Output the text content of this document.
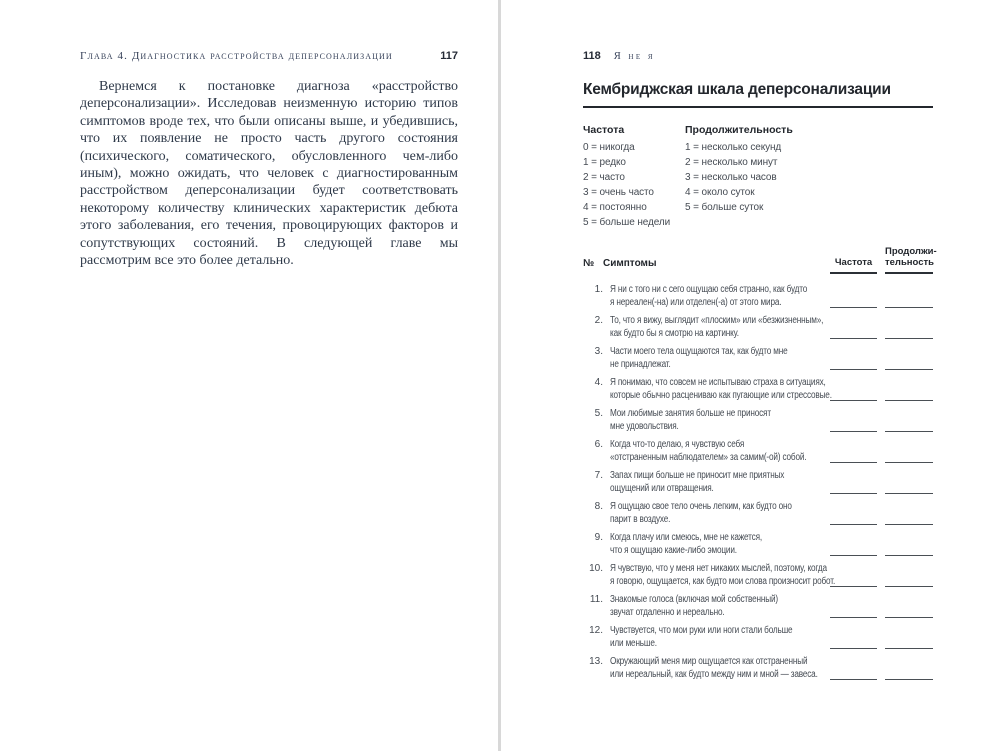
Глава 4. Диагностика расстройства деперсонализации	117

Вернемся к постановке диагноза «расстройство деперсонализации». Исследовав неизменную историю типов симптомов вроде тех, что были описаны выше, и убедившись, что их появление не просто часть другого состояния (психического, соматического, обусловленного чем-либо иным), можно ожидать, что человек с диагностированным расстройством деперсонализации будет соответствовать некоторому количеству клинических характеристик дебюта этого заболевания, его течения, провоцирующих факторов и сопутствующих состояний. В следующей главе мы рассмотрим все это более детально.

118 Я не я
Кембриджская шкала деперсонализации
Частота
0 = никогда
1 = редко
2 = часто
3 = очень часто
4 = постоянно
5 = больше недели
Продолжительность
1 = несколько секунд
2 = несколько минут
3 = несколько часов
4 = около суток
5 = больше суток
№ Симптомы	Частота
Продолжи-
тельность
1. Я ни с того ни с сего ощущаю себя странно, как будто
я нереален(-на) или отделен(-а) от этого мира.
2. То, что я вижу, выглядит «плоским» или «безжизненным»,
как будто бы я смотрю на картинку.
3. Части моего тела ощущаются так, как будто мне
не принадлежат.
4. Я понимаю, что совсем не испытываю страха в ситуациях,
которые обычно расцениваю как пугающие или стрессовые.
5. Мои любимые занятия больше не приносят
мне удовольствия.
6. Когда что-то делаю, я чувствую себя
«отстраненным наблюдателем» за самим(-ой) собой.
7. Запах пищи больше не приносит мне приятных
ощущений или отвращения.
8. Я ощущаю свое тело очень легким, как будто оно
парит в воздухе.
9. Когда плачу или смеюсь, мне не кажется,
что я ощущаю какие-либо эмоции.
10. Я чувствую, что у меня нет никаких мыслей, поэтому, когда
я говорю, ощущается, как будто мои слова произносит робот.
11. Знакомые голоса (включая мой собственный)
звучат отдаленно и нереально.
12. Чувствуется, что мои руки или ноги стали больше
или меньше.
13. Окружающий меня мир ощущается как отстраненный
или нереальный, как будто между ним и мной — завеса.
